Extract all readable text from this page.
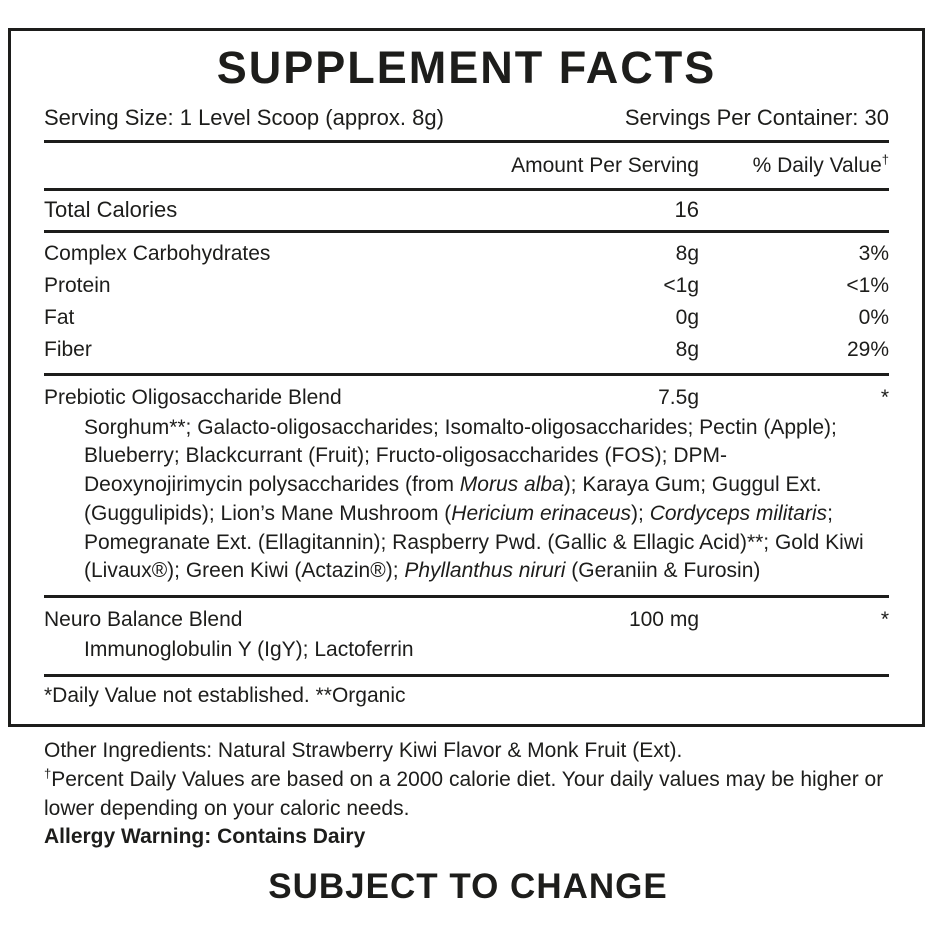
SUPPLEMENT FACTS
Serving Size: 1 Level Scoop (approx. 8g)	Servings Per Container: 30
Amount Per Serving	% Daily Value†
Total Calories	16
Complex Carbohydrates	8g	3%
Protein	<1g	<1%
Fat	0g	0%
Fiber	8g	29%
Prebiotic Oligosaccharide Blend	7.5g	*
Sorghum**; Galacto-oligosaccharides; Isomalto-oligosaccharides; Pectin (Apple); Blueberry; Blackcurrant (Fruit); Fructo-oligosaccharides (FOS); DPM-Deoxynojirimycin polysaccharides (from Morus alba); Karaya Gum; Guggul Ext. (Guggulipids); Lion’s Mane Mushroom (Hericium erinaceus); Cordyceps militaris; Pomegranate Ext. (Ellagitannin); Raspberry Pwd. (Gallic & Ellagic Acid)**; Gold Kiwi (Livaux®); Green Kiwi (Actazin®); Phyllanthus niruri (Geraniin & Furosin)
Neuro Balance Blend	100 mg	*
Immunoglobulin Y (IgY); Lactoferrin
*Daily Value not established. **Organic

Other Ingredients: Natural Strawberry Kiwi Flavor & Monk Fruit (Ext).

†Percent Daily Values are based on a 2000 calorie diet. Your daily values may be higher or lower depending on your caloric needs.

Allergy Warning: Contains Dairy

SUBJECT TO CHANGE
